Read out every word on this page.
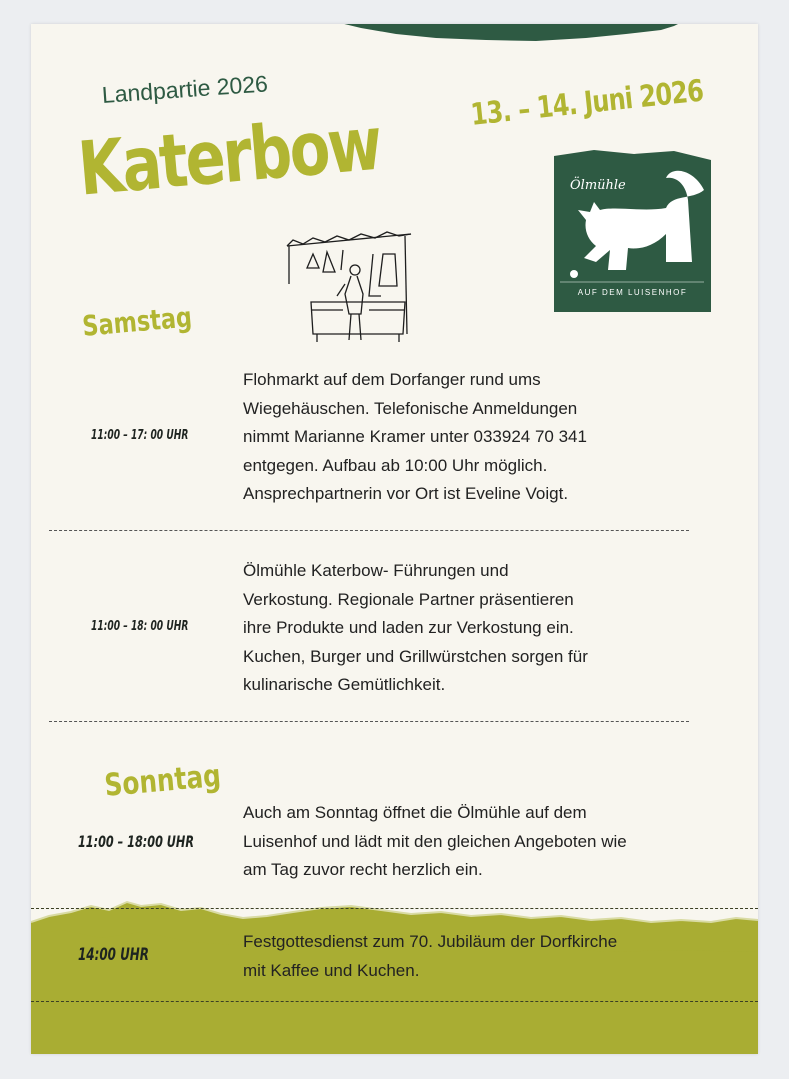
Landpartie 2026
Katerbow	13. – 14. Juni 2026
Ölmühle
AUF DEM LUISENHOF
Samstag
11:00 – 17: 00 UHR
Flohmarkt auf dem Dorfanger rund ums
Wiegehäuschen. Telefonische Anmeldungen
nimmt Marianne Kramer unter 033924 70 341
entgegen. Aufbau ab 10:00 Uhr möglich.
Ansprechpartnerin vor Ort ist Eveline Voigt.
11:00 – 18: 00 UHR
Ölmühle Katerbow- Führungen und
Verkostung. Regionale Partner präsentieren
ihre Produkte und laden zur Verkostung ein.
Kuchen, Burger und Grillwürstchen sorgen für
kulinarische Gemütlichkeit.
Sonntag
11:00 – 18:00 UHR
Auch am Sonntag öffnet die Ölmühle auf dem
Luisenhof und lädt mit den gleichen Angeboten wie
am Tag zuvor recht herzlich ein.
14:00 UHR
Festgottesdienst zum 70. Jubiläum der Dorfkirche
mit Kaffee und Kuchen.
